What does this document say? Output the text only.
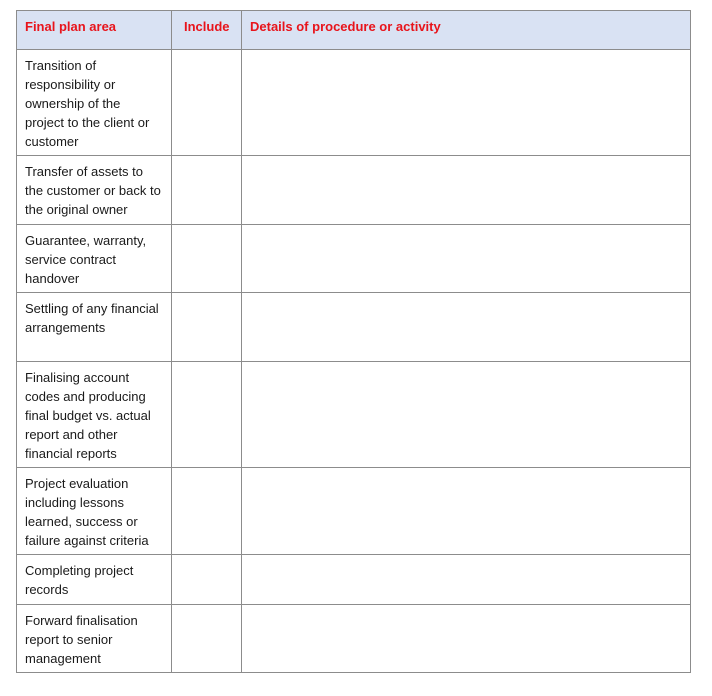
Final plan area	Include	Details of procedure or activity
Transition of responsibility or ownership of the project to the client or customer		
Transfer of assets to the customer or back to the original owner		
Guarantee, warranty, service contract handover		
Settling of any financial arrangements		
Finalising account codes and producing final budget vs. actual report and other financial reports		
Project evaluation including lessons learned, success or failure against criteria		
Completing project records		
Forward finalisation report to senior management		
